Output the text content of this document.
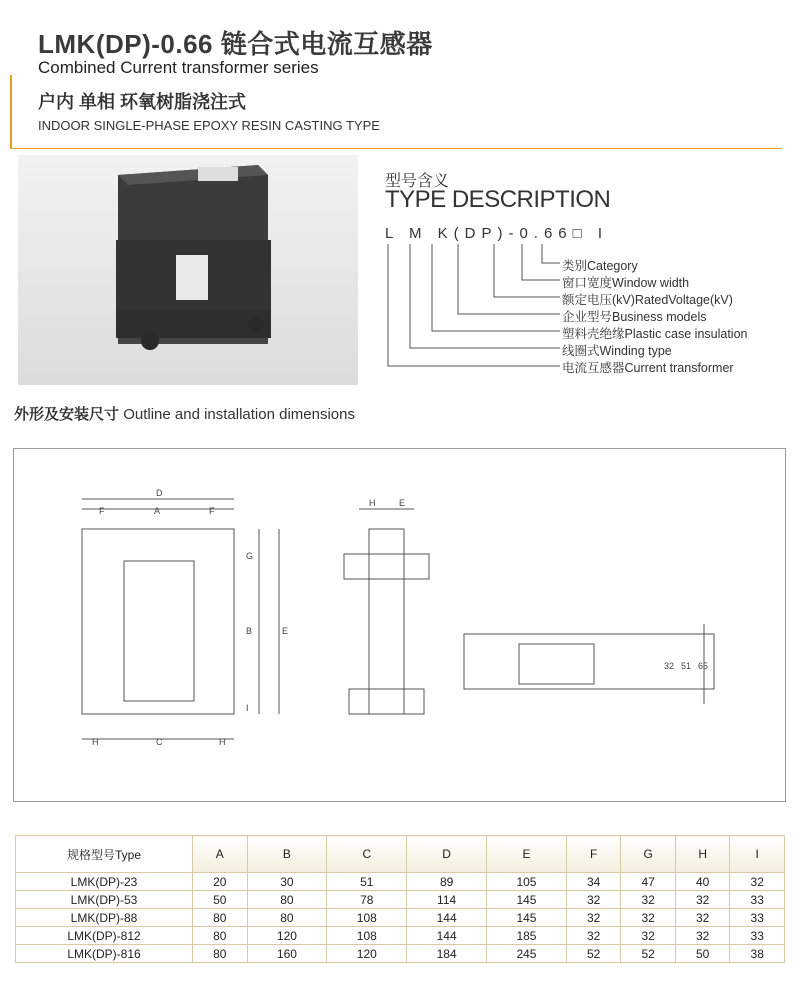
LMK(DP)-0.66 链合式电流互感器
Combined Current transformer series
户内 单相 环氧树脂浇注式
INDOOR SINGLE-PHASE EPOXY RESIN CASTING TYPE
型号含义
TYPE DESCRIPTION
L M K(DP)-0.66□ I
类别Category
窗口宽度Window width
额定电压(kV)RatedVoltage(kV)
企业型号Business models
塑料壳绝缘Plastic case insulation
线圈式Winding type
电流互感器Current transformer
外形及安装尺寸 Outline and installation dimensions
D
F	A	F
G
B	E
I
C
H	H
H	E
32 51 65
规格型号Type	A	B	C	D	E	F	G	H	I
LMK(DP)-23	20	30	51	89	105	34	47	40	32
LMK(DP)-53	50	80	78	114	145	32	32	32	33
LMK(DP)-88	80	80	108	144	145	32	32	32	33
LMK(DP)-812	80	120	108	144	185	32	32	32	33
LMK(DP)-816	80	160	120	184	245	52	52	50	38
